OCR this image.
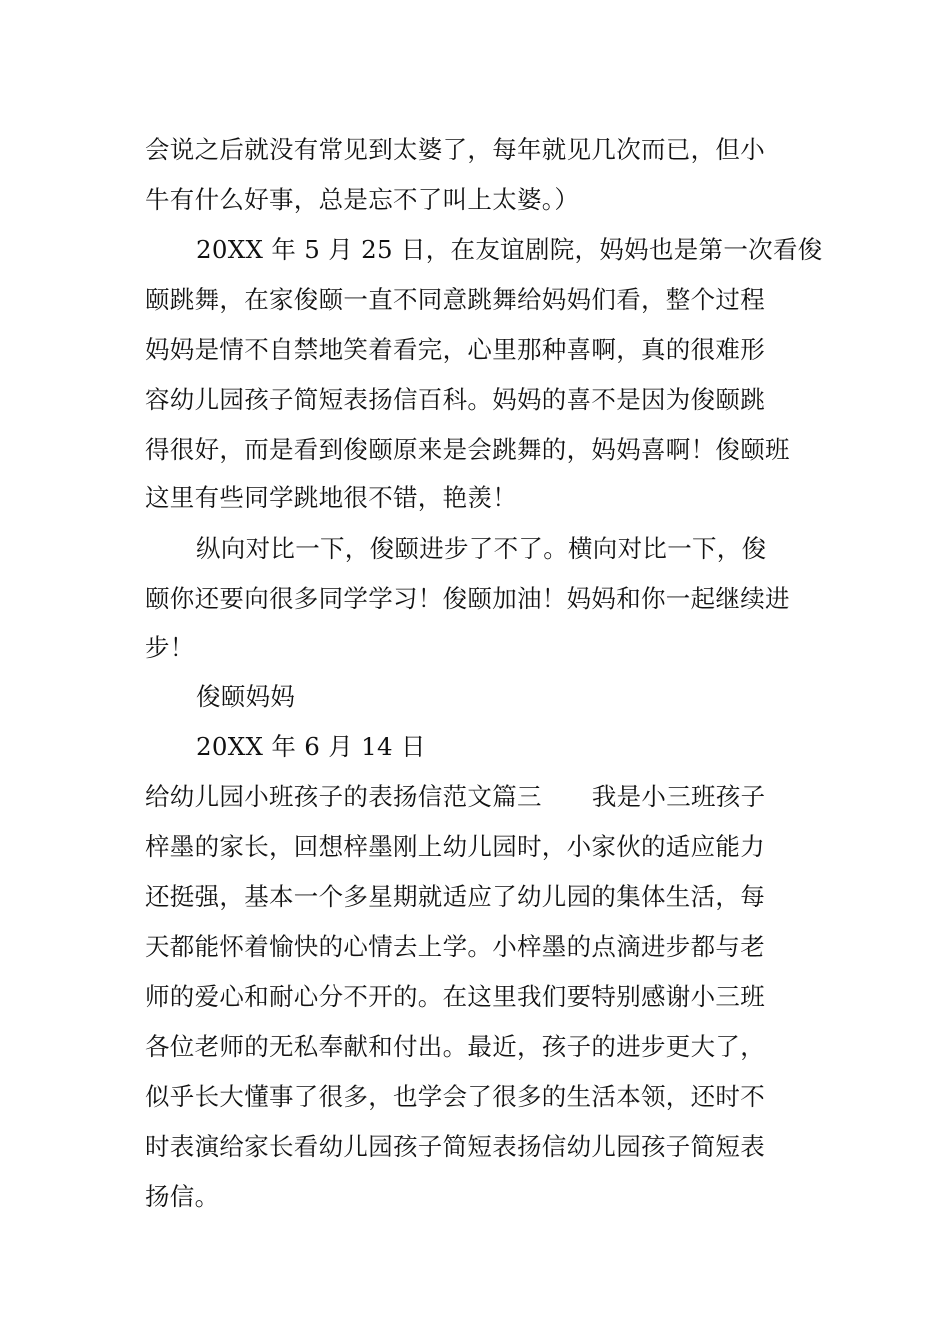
会说之后就没有常见到太婆了，每年就见几次而已，但小
牛有什么好事，总是忘不了叫上太婆。）
20XX 年 5 月 25 日，在友谊剧院，妈妈也是第一次看俊
颐跳舞，在家俊颐一直不同意跳舞给妈妈们看，整个过程
妈妈是情不自禁地笑着看完，心里那种喜啊，真的很难形
容幼儿园孩子简短表扬信百科。妈妈的喜不是因为俊颐跳
得很好，而是看到俊颐原来是会跳舞的，妈妈喜啊！俊颐班
这里有些同学跳地很不错，艳羡！
纵向对比一下，俊颐进步了不了。横向对比一下，俊
颐你还要向很多同学学习！俊颐加油！妈妈和你一起继续进
步！
俊颐妈妈
20XX 年 6 月 14 日
给幼儿园小班孩子的表扬信范文篇三 我是小三班孩子
梓墨的家长，回想梓墨刚上幼儿园时，小家伙的适应能力
还挺强，基本一个多星期就适应了幼儿园的集体生活，每
天都能怀着愉快的心情去上学。小梓墨的点滴进步都与老
师的爱心和耐心分不开的。在这里我们要特别感谢小三班
各位老师的无私奉献和付出。最近，孩子的进步更大了，
似乎长大懂事了很多，也学会了很多的生活本领，还时不
时表演给家长看幼儿园孩子简短表扬信幼儿园孩子简短表
扬信。
